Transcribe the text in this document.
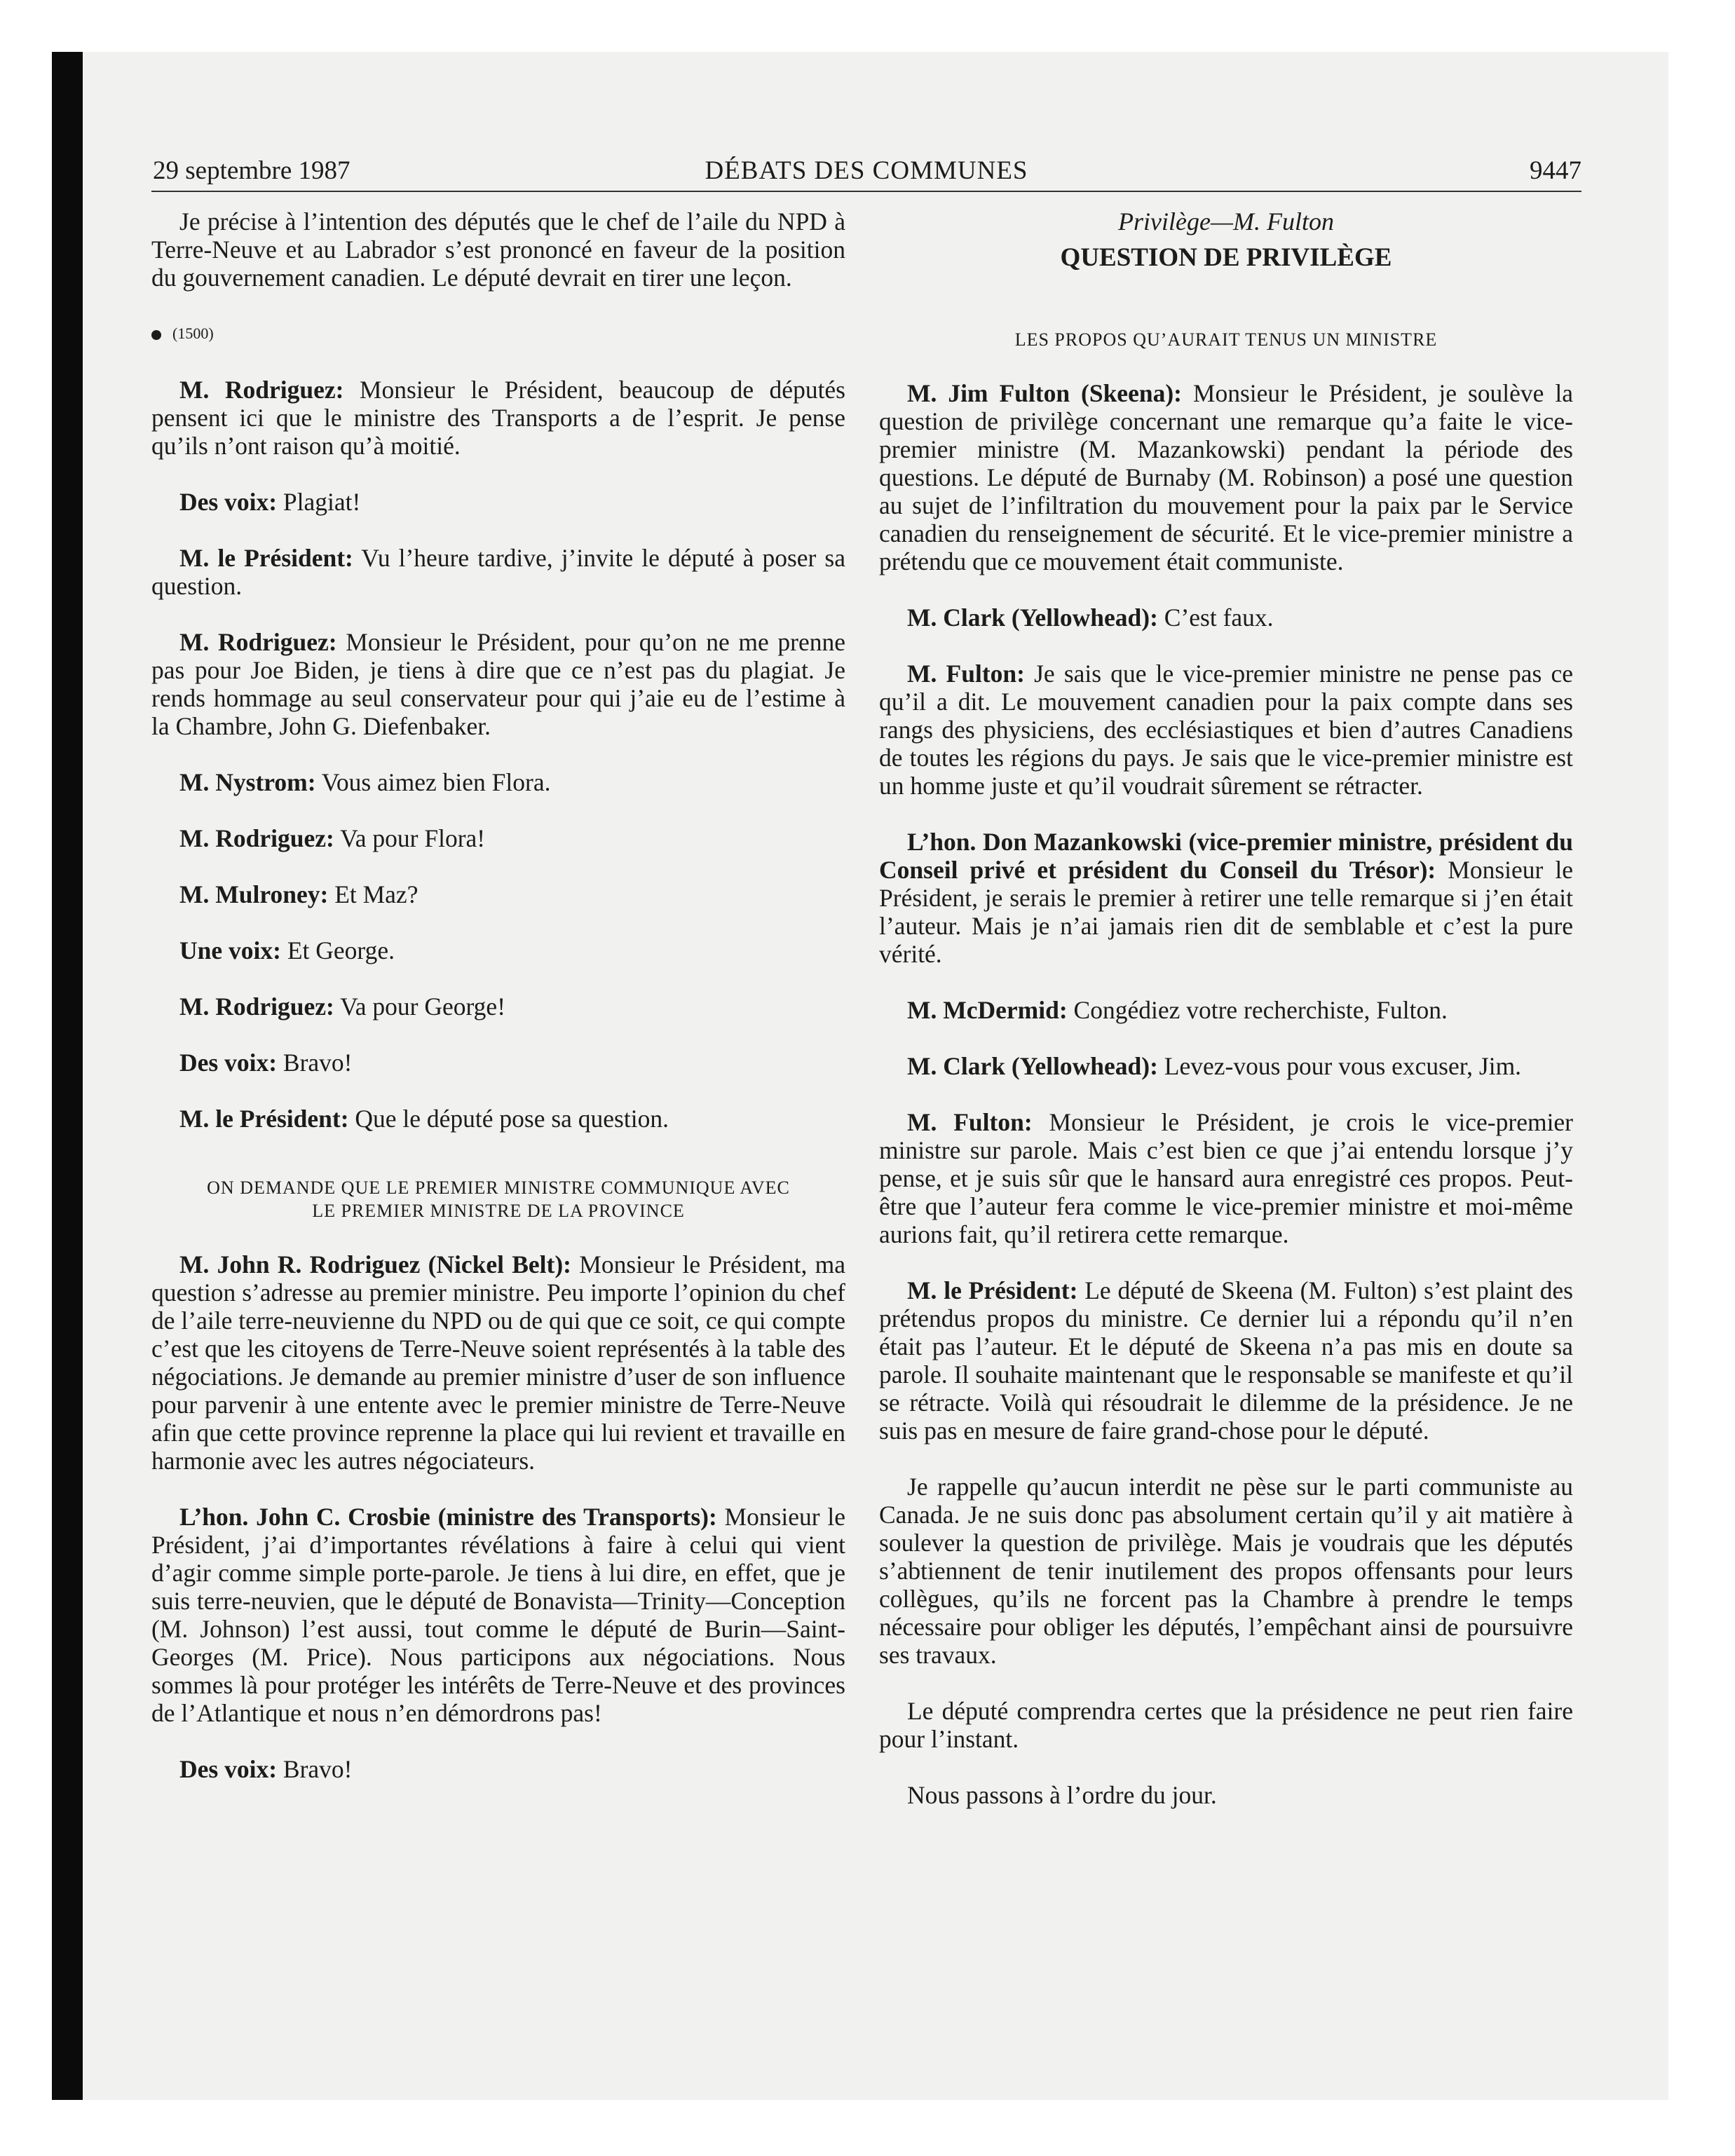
29 septembre 1987	DÉBATS DES COMMUNES	9447

Je précise à l’intention des députés que le chef de l’aile du NPD à Terre-Neuve et au Labrador s’est prononcé en faveur de la position du gouvernement canadien. Le député devrait en tirer une leçon.

(1500)

M. Rodriguez: Monsieur le Président, beaucoup de députés pensent ici que le ministre des Transports a de l’esprit. Je pense qu’ils n’ont raison qu’à moitié.

Des voix: Plagiat!

M. le Président: Vu l’heure tardive, j’invite le député à poser sa question.

M. Rodriguez: Monsieur le Président, pour qu’on ne me prenne pas pour Joe Biden, je tiens à dire que ce n’est pas du plagiat. Je rends hommage au seul conservateur pour qui j’aie eu de l’estime à la Chambre, John G. Diefenbaker.

M. Nystrom: Vous aimez bien Flora.

M. Rodriguez: Va pour Flora!

M. Mulroney: Et Maz?

Une voix: Et George.

M. Rodriguez: Va pour George!

Des voix: Bravo!

M. le Président: Que le député pose sa question.

ON DEMANDE QUE LE PREMIER MINISTRE COMMUNIQUE AVEC
LE PREMIER MINISTRE DE LA PROVINCE

M. John R. Rodriguez (Nickel Belt): Monsieur le Président, ma question s’adresse au premier ministre. Peu importe l’opinion du chef de l’aile terre-neuvienne du NPD ou de qui que ce soit, ce qui compte c’est que les citoyens de Terre-Neuve soient représentés à la table des négociations. Je demande au premier ministre d’user de son influence pour parvenir à une entente avec le premier ministre de Terre-Neuve afin que cette province reprenne la place qui lui revient et travaille en harmonie avec les autres négociateurs.

L’hon. John C. Crosbie (ministre des Transports): Monsieur le Président, j’ai d’importantes révélations à faire à celui qui vient d’agir comme simple porte-parole. Je tiens à lui dire, en effet, que je suis terre-neuvien, que le député de Bonavista—Trinity—Conception (M. Johnson) l’est aussi, tout comme le député de Burin—Saint-Georges (M. Price). Nous participons aux négociations. Nous sommes là pour protéger les intérêts de Terre-Neuve et des provinces de l’Atlantique et nous n’en démordrons pas!

Des voix: Bravo!

Privilège—M. Fulton

QUESTION DE PRIVILÈGE

LES PROPOS QU’AURAIT TENUS UN MINISTRE

M. Jim Fulton (Skeena): Monsieur le Président, je soulève la question de privilège concernant une remarque qu’a faite le vice-premier ministre (M. Mazankowski) pendant la période des questions. Le député de Burnaby (M. Robinson) a posé une question au sujet de l’infiltration du mouvement pour la paix par le Service canadien du renseignement de sécurité. Et le vice-premier ministre a prétendu que ce mouvement était communiste.

M. Clark (Yellowhead): C’est faux.

M. Fulton: Je sais que le vice-premier ministre ne pense pas ce qu’il a dit. Le mouvement canadien pour la paix compte dans ses rangs des physiciens, des ecclésiastiques et bien d’autres Canadiens de toutes les régions du pays. Je sais que le vice-premier ministre est un homme juste et qu’il voudrait sûrement se rétracter.

L’hon. Don Mazankowski (vice-premier ministre, président du Conseil privé et président du Conseil du Trésor): Monsieur le Président, je serais le premier à retirer une telle remarque si j’en était l’auteur. Mais je n’ai jamais rien dit de semblable et c’est la pure vérité.

M. McDermid: Congédiez votre recherchiste, Fulton.

M. Clark (Yellowhead): Levez-vous pour vous excuser, Jim.

M. Fulton: Monsieur le Président, je crois le vice-premier ministre sur parole. Mais c’est bien ce que j’ai entendu lorsque j’y pense, et je suis sûr que le hansard aura enregistré ces propos. Peut-être que l’auteur fera comme le vice-premier ministre et moi-même aurions fait, qu’il retirera cette remarque.

M. le Président: Le député de Skeena (M. Fulton) s’est plaint des prétendus propos du ministre. Ce dernier lui a répondu qu’il n’en était pas l’auteur. Et le député de Skeena n’a pas mis en doute sa parole. Il souhaite maintenant que le responsable se manifeste et qu’il se rétracte. Voilà qui résoudrait le dilemme de la présidence. Je ne suis pas en mesure de faire grand-chose pour le député.

Je rappelle qu’aucun interdit ne pèse sur le parti communiste au Canada. Je ne suis donc pas absolument certain qu’il y ait matière à soulever la question de privilège. Mais je voudrais que les députés s’abtiennent de tenir inutilement des propos offensants pour leurs collègues, qu’ils ne forcent pas la Chambre à prendre le temps nécessaire pour obliger les députés, l’empêchant ainsi de poursuivre ses travaux.

Le député comprendra certes que la présidence ne peut rien faire pour l’instant.

Nous passons à l’ordre du jour.
